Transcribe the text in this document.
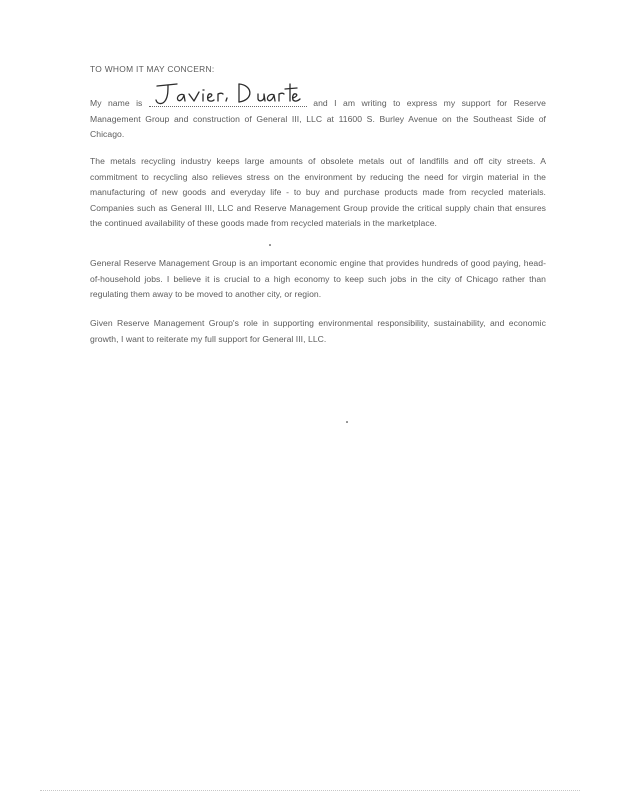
TO WHOM IT MAY CONCERN:

My name is	and I am writing to express my support for Reserve Management Group and construction of General III, LLC at 11600 S. Burley Avenue on the Southeast Side of Chicago.

The metals recycling industry keeps large amounts of obsolete metals out of landfills and off city streets. A commitment to recycling also relieves stress on the environment by reducing the need for virgin material in the manufacturing of new goods and everyday life - to buy and purchase products made from recycled materials. Companies such as General III, LLC and Reserve Management Group provide the critical supply chain that ensures the continued availability of these goods made from recycled materials in the marketplace.

General Reserve Management Group is an important economic engine that provides hundreds of good paying, head-of-household jobs. I believe it is crucial to a high economy to keep such jobs in the city of Chicago rather than regulating them away to be moved to another city, or region.

Given Reserve Management Group's role in supporting environmental responsibility, sustainability, and economic growth, I want to reiterate my full support for General III, LLC.
